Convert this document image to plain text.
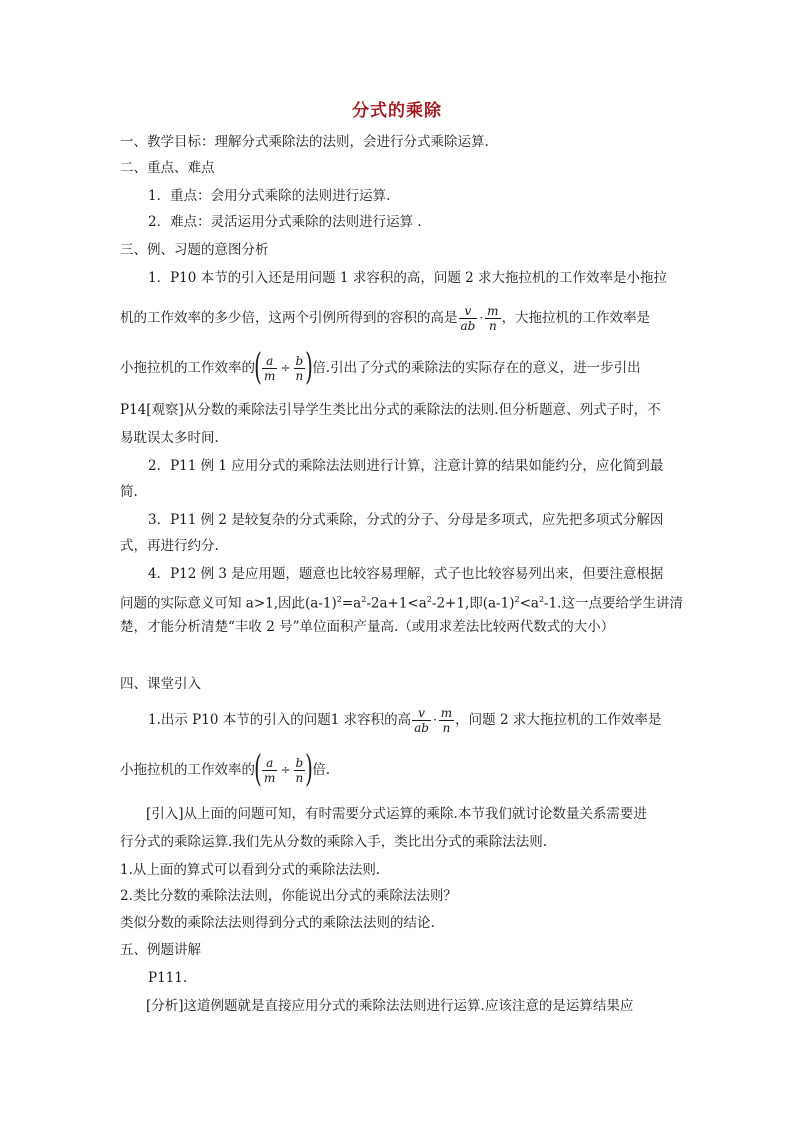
分式的乘除
一、教学目标：理解分式乘除法的法则，会进行分式乘除运算.
二、重点、难点
1．重点：会用分式乘除的法则进行运算.
2．难点：灵活运用分式乘除的法则进行运算 .
三、例、习题的意图分析
1．P10 本节的引入还是用问题 1 求容积的高，问题 2 求大拖拉机的工作效率是小拖拉
机的工作效率的多少倍，这两个引例所得到的容积的高是 $\frac{v}{ab} \cdot \frac{m}{n}$ ，大拖拉机的工作效率是
小拖拉机的工作效率的 ( $\frac{a}{m} \div \frac{b}{n}$ ) 倍.引出了分式的乘除法的实际存在的意义，进一步引出
P14[观察]从分数的乘除法引导学生类比出分式的乘除法的法则.但分析题意、列式子时，不
易耽误太多时间.
2．P11 例 1 应用分式的乘除法法则进行计算，注意计算的结果如能约分，应化简到最
简.
3．P11 例 2 是较复杂的分式乘除，分式的分子、分母是多项式，应先把多项式分解因
式，再进行约分.
4．P12 例 3 是应用题，题意也比较容易理解，式子也比较容易列出来，但要注意根据
问题的实际意义可知 a>1,因此$(a-1)^2=a^2-2a+1<a^2-2+1$,即$(a-1)^2<a^2-1$.这一点要给学生讲清
楚，才能分析清楚“丰收 2 号”单位面积产量高.（或用求差法比较两代数式的大小）
四、课堂引入
1.出示 P10 本节的引入的问题1 求容积的高 $\frac{v}{ab} \cdot \frac{m}{n}$ ，问题 2 求大拖拉机的工作效率是
小拖拉机的工作效率的 ( $\frac{a}{m} \div \frac{b}{n}$ ) 倍.
[引入]从上面的问题可知，有时需要分式运算的乘除.本节我们就讨论数量关系需要进
行分式的乘除运算.我们先从分数的乘除入手，类比出分式的乘除法法则.
1.从上面的算式可以看到分式的乘除法法则.
2.类比分数的乘除法法则，你能说出分式的乘除法法则？
类似分数的乘除法法则得到分式的乘除法法则的结论.
五、例题讲解
P111.
[分析]这道例题就是直接应用分式的乘除法法则进行运算.应该注意的是运算结果应
